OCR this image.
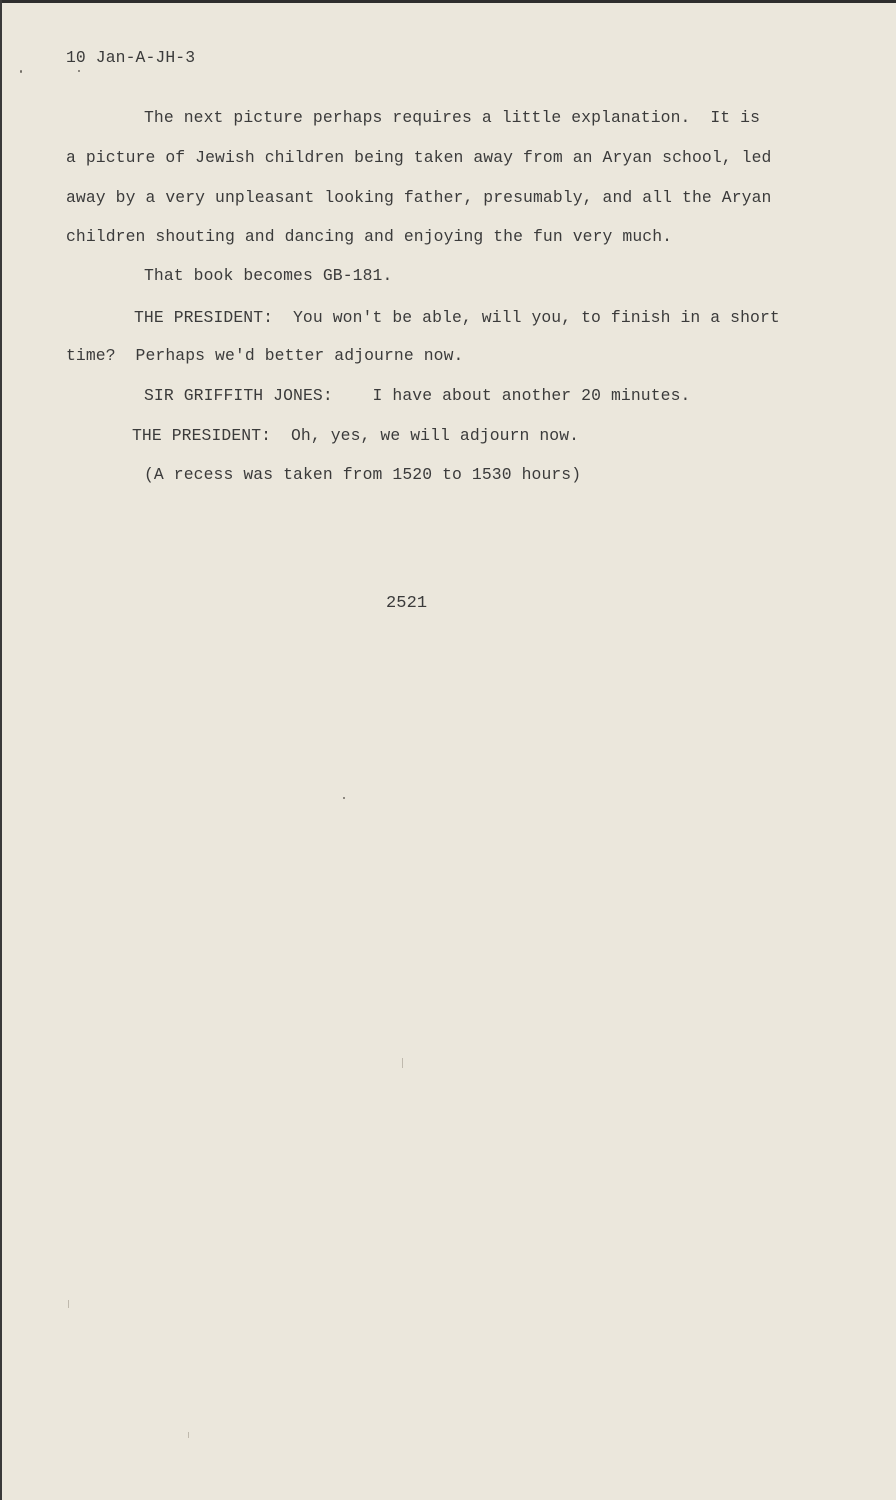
10 Jan-A-JH-3
The next picture perhaps requires a little explanation.  It is
a picture of Jewish children being taken away from an Aryan school, led
away by a very unpleasant looking father, presumably, and all the Aryan
children shouting and dancing and enjoying the fun very much.
That book becomes GB-181.
THE PRESIDENT:  You won't be able, will you, to finish in a short
time?  Perhaps we'd better adjourne now.
SIR GRIFFITH JONES:    I have about another 20 minutes.
THE PRESIDENT:  Oh, yes, we will adjourn now.
(A recess was taken from 1520 to 1530 hours)
2521
